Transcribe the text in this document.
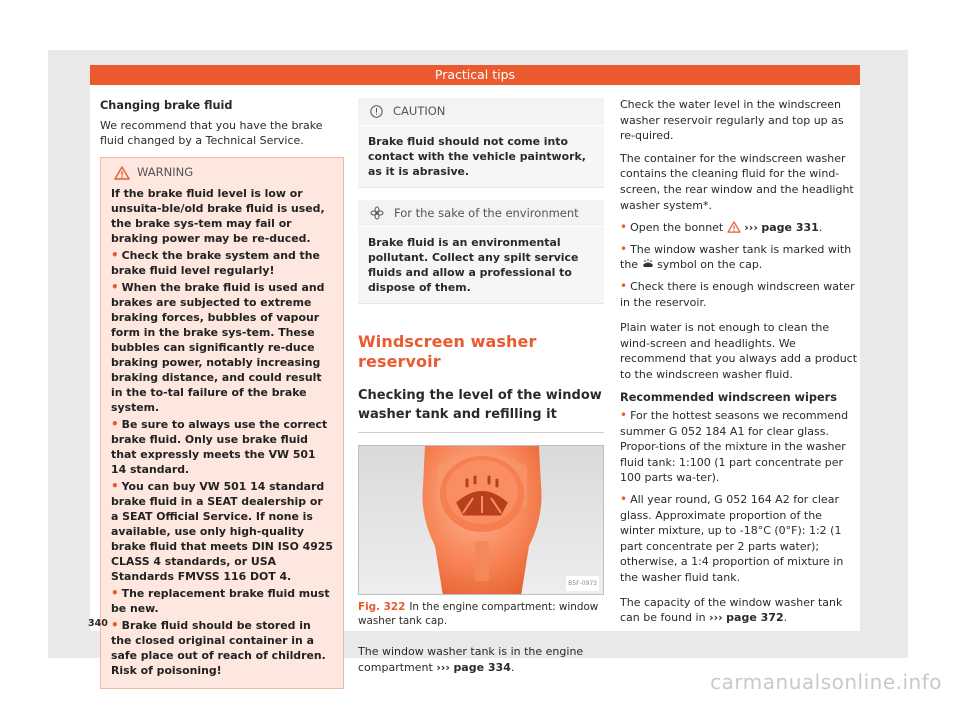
Practical tips
Changing brake fluid

We recommend that you have the brake fluid changed by a Technical Service.

WARNING
If the brake fluid level is low or unsuita-ble/old brake fluid is used, the brake sys-tem may fail or braking power may be re-duced.
• Check the brake system and the brake fluid level regularly!
• When the brake fluid is used and brakes are subjected to extreme braking forces, bubbles of vapour form in the brake sys-tem. These bubbles can significantly re-duce braking power, notably increasing braking distance, and could result in the to-tal failure of the brake system.
• Be sure to always use the correct brake fluid. Only use brake fluid that expressly meets the VW 501 14 standard.
• You can buy VW 501 14 standard brake fluid in a SEAT dealership or a SEAT Official Service. If none is available, use only high-quality brake fluid that meets DIN ISO 4925 CLASS 4 standards, or USA Standards FMVSS 116 DOT 4.
• The replacement brake fluid must be new.
• Brake fluid should be stored in the closed original container in a safe place out of reach of children. Risk of poisoning!
CAUTION
Brake fluid should not come into contact with the vehicle paintwork, as it is abrasive.
For the sake of the environment
Brake fluid is an environmental pollutant. Collect any spilt service fluids and allow a professional to dispose of them.
Windscreen washer reservoir
Checking the level of the window washer tank and refilling it
B5F-0973
Fig. 322 In the engine compartment: window washer tank cap.

The window washer tank is in the engine compartment ››› page 334.

Check the water level in the windscreen washer reservoir regularly and top up as re-quired.

The container for the windscreen washer contains the cleaning fluid for the wind-screen, the rear window and the headlight washer system*.

• Open the bonnet ››› page 331.
• The window washer tank is marked with the symbol on the cap.
• Check there is enough windscreen water in the reservoir.

Plain water is not enough to clean the wind-screen and headlights. We recommend that you always add a product to the windscreen washer fluid.

Recommended windscreen wipers
• For the hottest seasons we recommend summer G 052 184 A1 for clear glass. Propor-tions of the mixture in the washer fluid tank: 1:100 (1 part concentrate per 100 parts wa-ter).
• All year round, G 052 164 A2 for clear glass. Approximate proportion of the winter mixture, up to -18°C (0°F): 1:2 (1 part concentrate per 2 parts water); otherwise, a 1:4 proportion of mixture in the washer fluid tank.

The capacity of the window washer tank can be found in ››› page 372.

340
carmanualsonline.info
